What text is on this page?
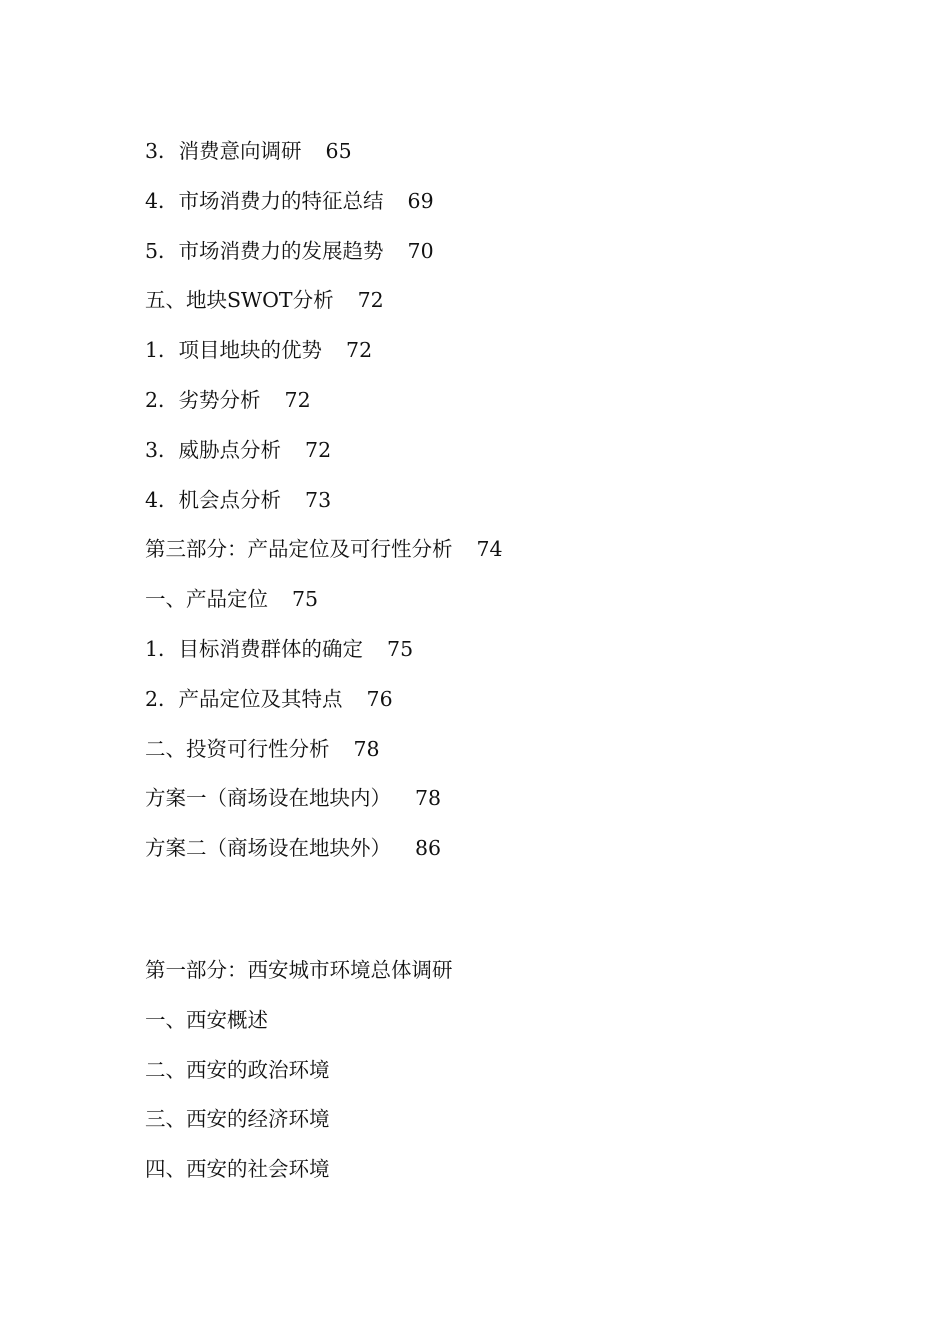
3．消费意向调研 65
4．市场消费力的特征总结 69
5．市场消费力的发展趋势 70
五、地块SWOT分析 72
1．项目地块的优势 72
2．劣势分析 72
3．威胁点分析 72
4．机会点分析 73
第三部分：产品定位及可行性分析 74
一、产品定位 75
1．目标消费群体的确定 75
2．产品定位及其特点 76
二、投资可行性分析 78
方案一（商场设在地块内） 78
方案二（商场设在地块外） 86
第一部分：西安城市环境总体调研
一、西安概述
二、西安的政治环境
三、西安的经济环境
四、西安的社会环境
